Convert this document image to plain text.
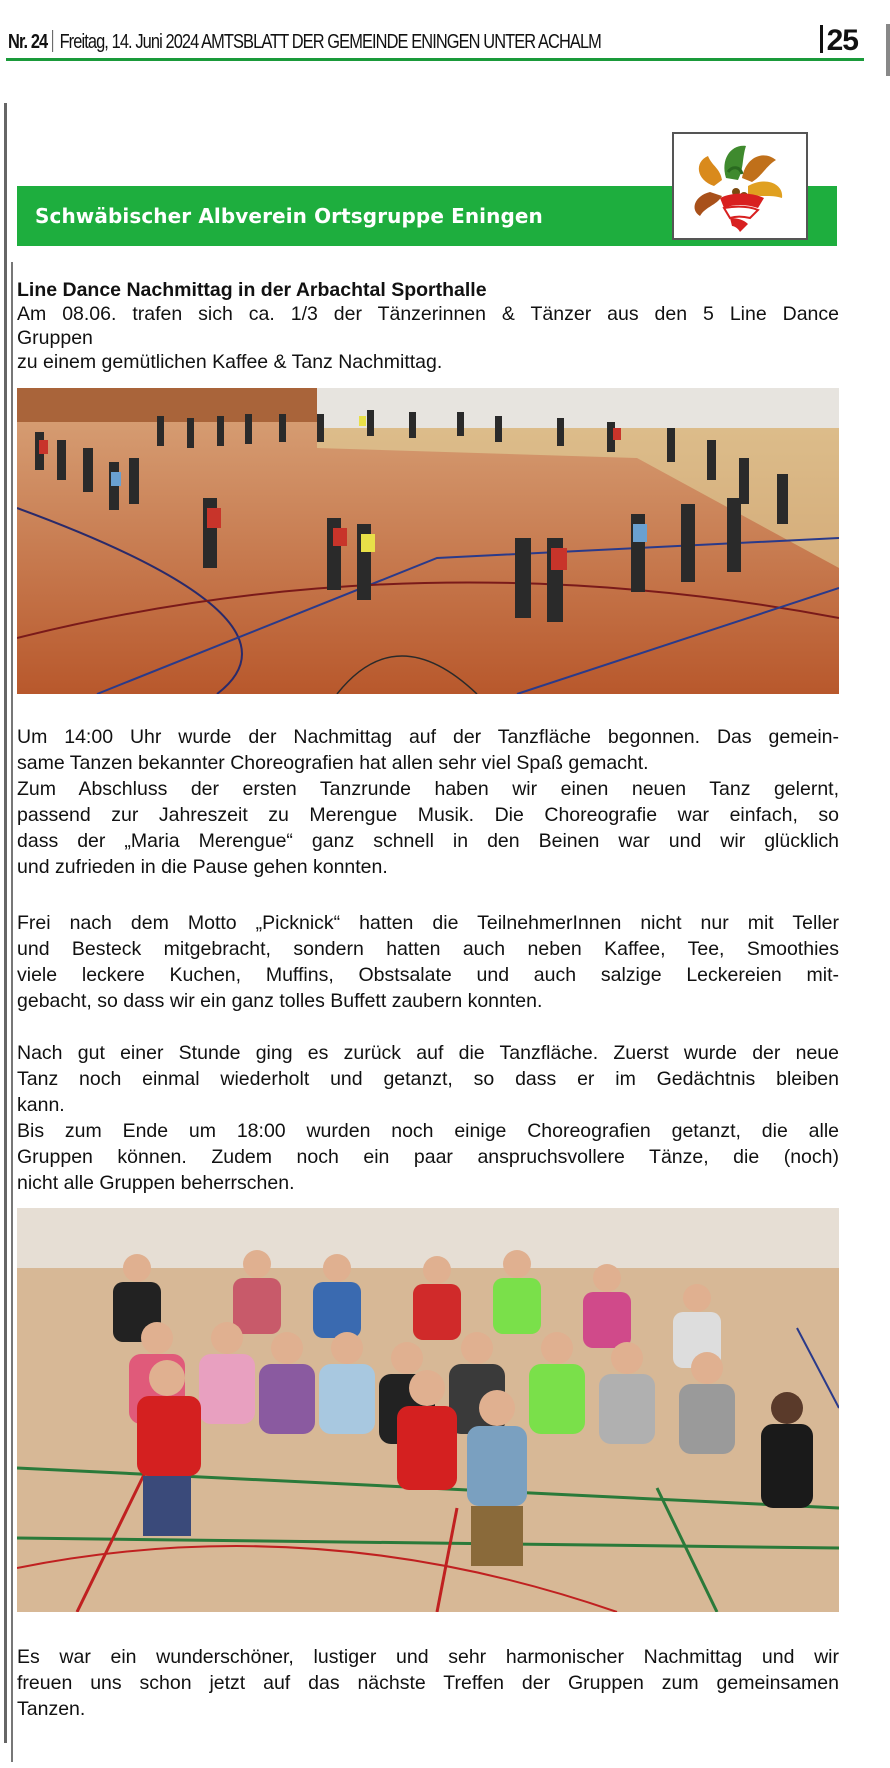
Nr. 24 Freitag, 14. Juni 2024 AMTSBLATT DER GEMEINDE ENINGEN UNTER ACHALM	25
Schwäbischer Albverein Ortsgruppe Eningen
Line Dance Nachmittag in der Arbachtal Sporthalle
Am 08.06. trafen sich ca. 1/3 der Tänzerinnen & Tänzer aus den 5 Line Dance
Gruppen
zu einem gemütlichen Kaffee & Tanz Nachmittag.
Um 14:00 Uhr wurde der Nachmittag auf der Tanzfläche begonnen. Das gemein-
same Tanzen bekannter Choreografien hat allen sehr viel Spaß gemacht.
Zum Abschluss der ersten Tanzrunde haben wir einen neuen Tanz gelernt,
passend zur Jahreszeit zu Merengue Musik. Die Choreografie war einfach, so
dass der „Maria Merengue“ ganz schnell in den Beinen war und wir glücklich
und zufrieden in die Pause gehen konnten.
Frei nach dem Motto „Picknick“ hatten die TeilnehmerInnen nicht nur mit Teller
und Besteck mitgebracht, sondern hatten auch neben Kaffee, Tee, Smoothies
viele leckere Kuchen, Muffins, Obstsalate und auch salzige Leckereien mit-
gebacht, so dass wir ein ganz tolles Buffett zaubern konnten.
Nach gut einer Stunde ging es zurück auf die Tanzfläche. Zuerst wurde der neue
Tanz noch einmal wiederholt und getanzt, so dass er im Gedächtnis bleiben
kann.
Bis zum Ende um 18:00 wurden noch einige Choreografien getanzt, die alle
Gruppen können. Zudem noch ein paar anspruchsvollere Tänze, die (noch)
nicht alle Gruppen beherrschen.
Es war ein wunderschöner, lustiger und sehr harmonischer Nachmittag und wir
freuen uns schon jetzt auf das nächste Treffen der Gruppen zum gemeinsamen
Tanzen.
